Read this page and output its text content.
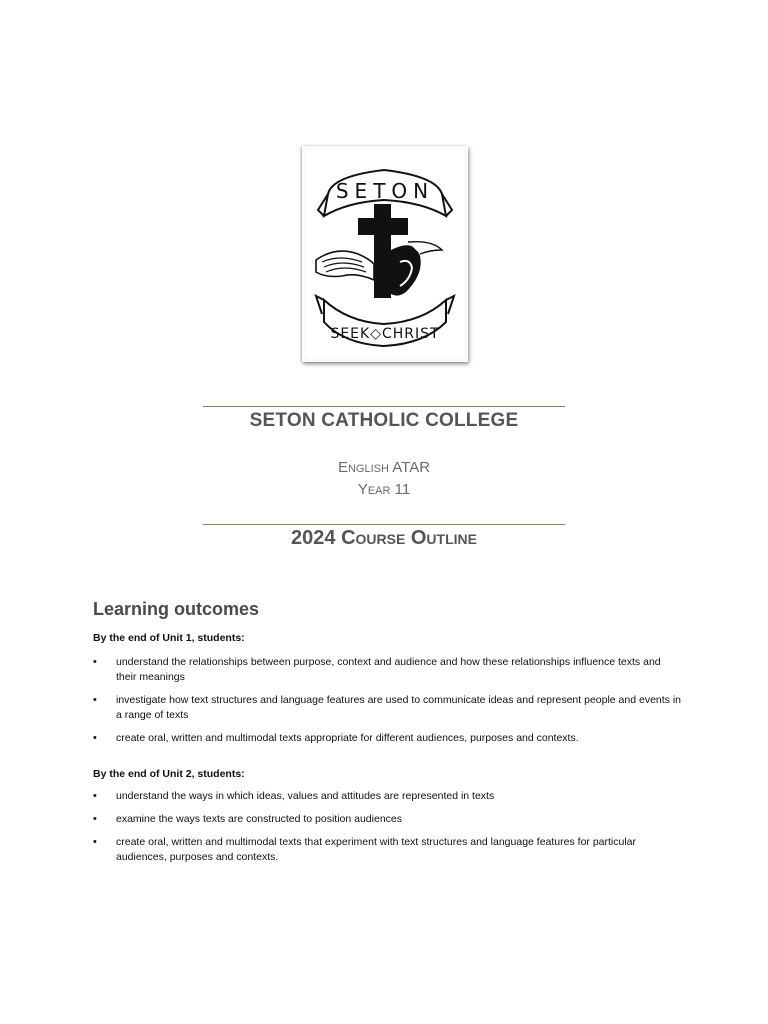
SETON
SEEK◇CHRIST
SETON CATHOLIC COLLEGE
English ATAR
Year 11
2024 Course Outline
Learning outcomes
By the end of Unit 1, students:
• understand the relationships between purpose, context and audience and how these relationships influence texts and their meanings
• investigate how text structures and language features are used to communicate ideas and represent people and events in a range of texts
• create oral, written and multimodal texts appropriate for different audiences, purposes and contexts.
By the end of Unit 2, students:
• understand the ways in which ideas, values and attitudes are represented in texts
• examine the ways texts are constructed to position audiences
• create oral, written and multimodal texts that experiment with text structures and language features for particular audiences, purposes and contexts.
